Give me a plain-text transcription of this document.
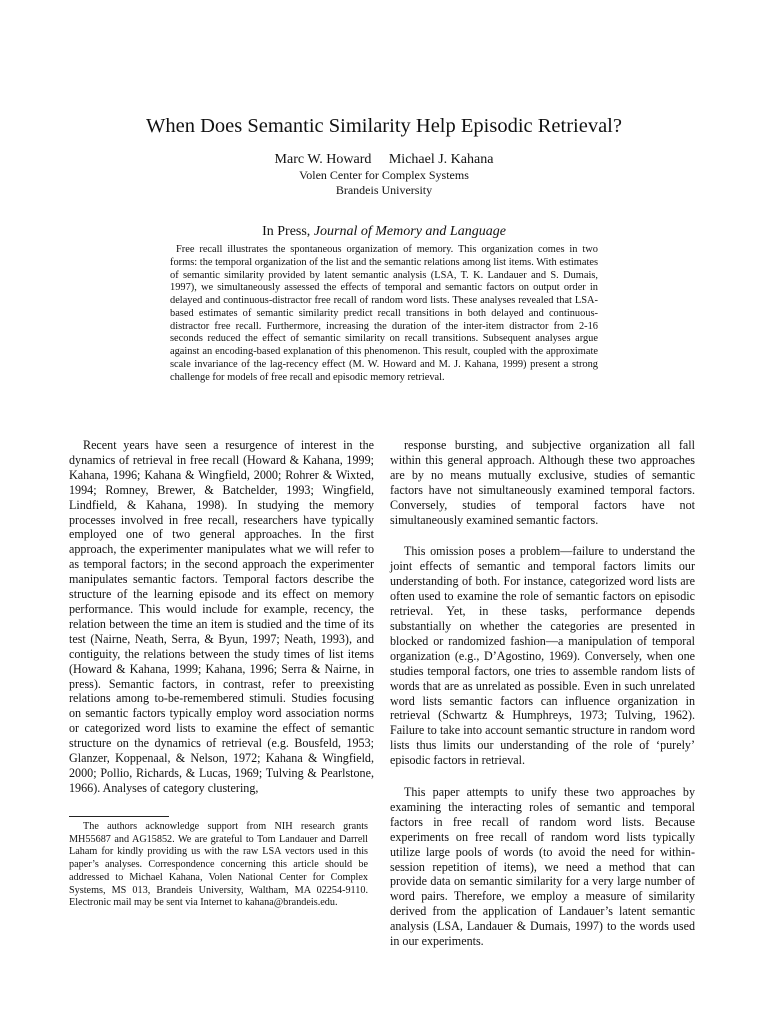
When Does Semantic Similarity Help Episodic Retrieval?
Marc W. Howard Michael J. Kahana
Volen Center for Complex Systems
Brandeis University
In Press, Journal of Memory and Language

Free recall illustrates the spontaneous organization of memory. This organization comes in two forms: the temporal organization of the list and the semantic relations among list items. With estimates of semantic similarity provided by latent semantic analysis (LSA, T. K. Landauer and S. Dumais, 1997), we simultaneously assessed the effects of temporal and semantic factors on output order in delayed and continuous-distractor free recall of random word lists. These analyses revealed that LSA-based estimates of semantic similarity predict recall transitions in both delayed and continuous-distractor free recall. Furthermore, increasing the duration of the inter-item distractor from 2-16 seconds reduced the effect of semantic similarity on recall transitions. Subsequent analyses argue against an encoding-based explanation of this phenomenon. This result, coupled with the approximate scale invariance of the lag-recency effect (M. W. Howard and M. J. Kahana, 1999) present a strong challenge for models of free recall and episodic memory retrieval.

Recent years have seen a resurgence of interest in the dynamics of retrieval in free recall (Howard & Kahana, 1999; Kahana, 1996; Kahana & Wingfield, 2000; Rohrer & Wixted, 1994; Romney, Brewer, & Batchelder, 1993; Wingfield, Lindfield, & Kahana, 1998). In studying the memory processes involved in free recall, researchers have typically employed one of two general approaches. In the first approach, the experimenter manipulates what we will refer to as temporal factors; in the second approach the experimenter manipulates semantic factors. Temporal factors describe the structure of the learning episode and its effect on memory performance. This would include for example, recency, the relation between the time an item is studied and the time of its test (Nairne, Neath, Serra, & Byun, 1997; Neath, 1993), and contiguity, the relations between the study times of list items (Howard & Kahana, 1999; Kahana, 1996; Serra & Nairne, in press). Semantic factors, in contrast, refer to preexisting relations among to-be-remembered stimuli. Studies focusing on semantic factors typically employ word association norms or categorized word lists to examine the effect of semantic structure on the dynamics of retrieval (e.g. Bousfeld, 1953; Glanzer, Koppenaal, & Nelson, 1972; Kahana & Wingfield, 2000; Pollio, Richards, & Lucas, 1969; Tulving & Pearlstone, 1966). Analyses of category clustering,

response bursting, and subjective organization all fall within this general approach. Although these two approaches are by no means mutually exclusive, studies of semantic factors have not simultaneously examined temporal factors. Conversely, studies of temporal factors have not simultaneously examined semantic factors.

This omission poses a problem—failure to understand the joint effects of semantic and temporal factors limits our understanding of both. For instance, categorized word lists are often used to examine the role of semantic factors on episodic retrieval. Yet, in these tasks, performance depends substantially on whether the categories are presented in blocked or randomized fashion—a manipulation of temporal organization (e.g., D’Agostino, 1969). Conversely, when one studies temporal factors, one tries to assemble random lists of words that are as unrelated as possible. Even in such unrelated word lists semantic factors can influence organization in retrieval (Schwartz & Humphreys, 1973; Tulving, 1962). Failure to take into account semantic structure in random word lists thus limits our understanding of the role of ‘purely’ episodic factors in retrieval.

This paper attempts to unify these two approaches by examining the interacting roles of semantic and temporal factors in free recall of random word lists. Because experiments on free recall of random word lists typically utilize large pools of words (to avoid the need for within-session repetition of items), we need a method that can provide data on semantic similarity for a very large number of word pairs. Therefore, we employ a measure of similarity derived from the application of Landauer’s latent semantic analysis (LSA, Landauer & Dumais, 1997) to the words used in our experiments.

The authors acknowledge support from NIH research grants MH55687 and AG15852. We are grateful to Tom Landauer and Darrell Laham for kindly providing us with the raw LSA vectors used in this paper’s analyses. Correspondence concerning this article should be addressed to Michael Kahana, Volen National Center for Complex Systems, MS 013, Brandeis University, Waltham, MA 02254-9110. Electronic mail may be sent via Internet to kahana@brandeis.edu.
